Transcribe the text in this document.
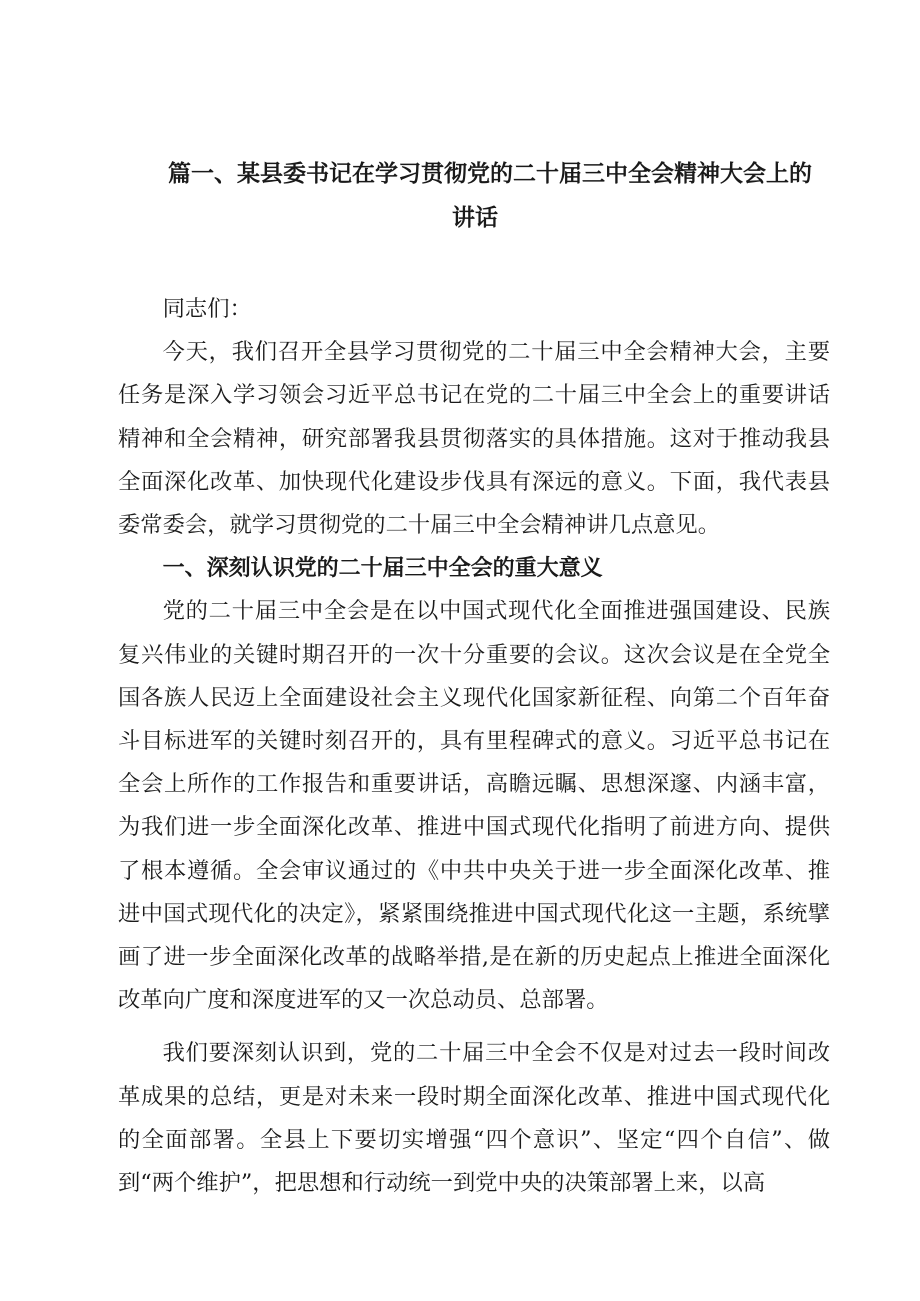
篇一、某县委书记在学习贯彻党的二十届三中全会精神大会上的
讲话

同志们：

今天，我们召开全县学习贯彻党的二十届三中全会精神大会，主要任务是深入学习领会习近平总书记在党的二十届三中全会上的重要讲话精神和全会精神，研究部署我县贯彻落实的具体措施。这对于推动我县全面深化改革、加快现代化建设步伐具有深远的意义。下面，我代表县委常委会，就学习贯彻党的二十届三中全会精神讲几点意见。

一、深刻认识党的二十届三中全会的重大意义

党的二十届三中全会是在以中国式现代化全面推进强国建设、民族复兴伟业的关键时期召开的一次十分重要的会议。这次会议是在全党全国各族人民迈上全面建设社会主义现代化国家新征程、向第二个百年奋斗目标进军的关键时刻召开的，具有里程碑式的意义。习近平总书记在全会上所作的工作报告和重要讲话，高瞻远瞩、思想深邃、内涵丰富，为我们进一步全面深化改革、推进中国式现代化指明了前进方向、提供了根本遵循。全会审议通过的《中共中央关于进一步全面深化改革、推进中国式现代化的决定》，紧紧围绕推进中国式现代化这一主题，系统擘画了进一步全面深化改革的战略举措,是在新的历史起点上推进全面深化改革向广度和深度进军的又一次总动员、总部署。

我们要深刻认识到，党的二十届三中全会不仅是对过去一段时间改革成果的总结，更是对未来一段时期全面深化改革、推进中国式现代化的全面部署。全县上下要切实增强“四个意识”、坚定“四个自信”、做到“两个维护”，把思想和行动统一到党中央的决策部署上来，以高
